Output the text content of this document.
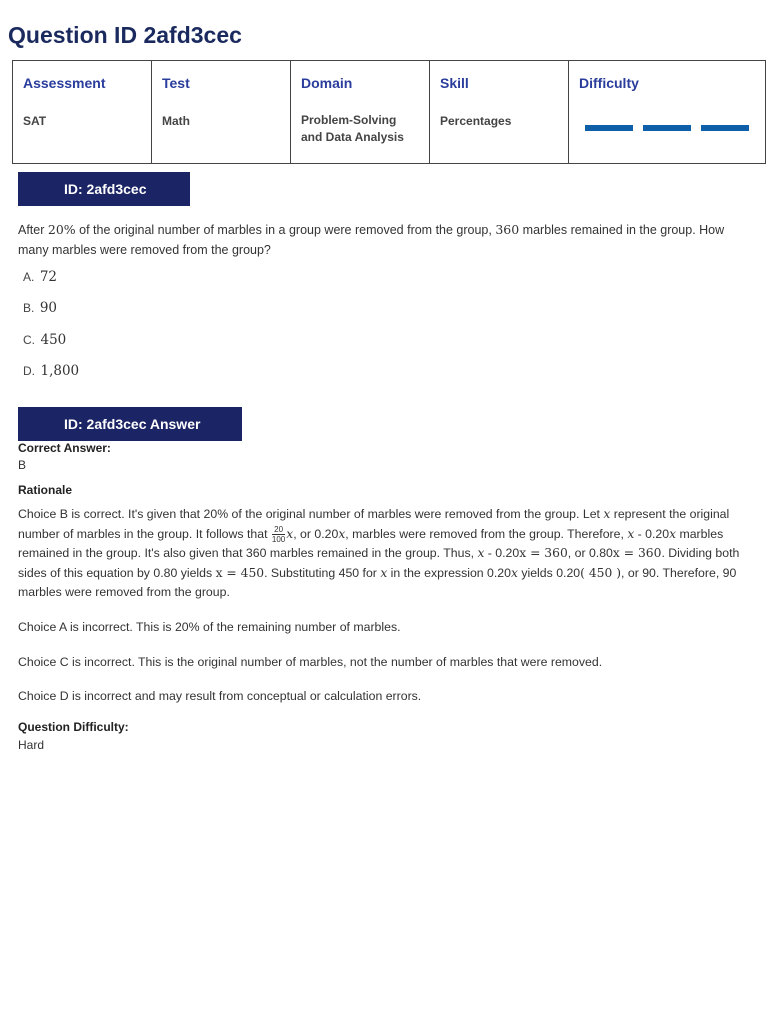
Question ID 2afd3cec
Assessment
SAT

Test
Math

Domain
Problem-Solving and Data Analysis

Skill
Percentages

Difficulty
ID: 2afd3cec

After 20% of the original number of marbles in a group were removed from the group, 360 marbles remained in the group. How many marbles were removed from the group?

A. 72
B. 90
C. 450
D. 1,800
ID: 2afd3cec Answer

Correct Answer:

B

Rationale

Choice B is correct. It's given that 20% of the original number of marbles were removed from the group. Let x represent the original number of marbles in the group. It follows that $\frac{20}{100} x$, or 0.20x, marbles were removed from the group. Therefore, x - 0.20x marbles remained in the group. It's also given that 360 marbles remained in the group. Thus, x - 0.20x = 360, or 0.80x = 360. Dividing both sides of this equation by 0.80 yields x = 450. Substituting 450 for x in the expression 0.20x yields 0.20( 450 ), or 90. Therefore, 90 marbles were removed from the group.

Choice A is incorrect. This is 20% of the remaining number of marbles.

Choice C is incorrect. This is the original number of marbles, not the number of marbles that were removed.

Choice D is incorrect and may result from conceptual or calculation errors.

Question Difficulty:

Hard
